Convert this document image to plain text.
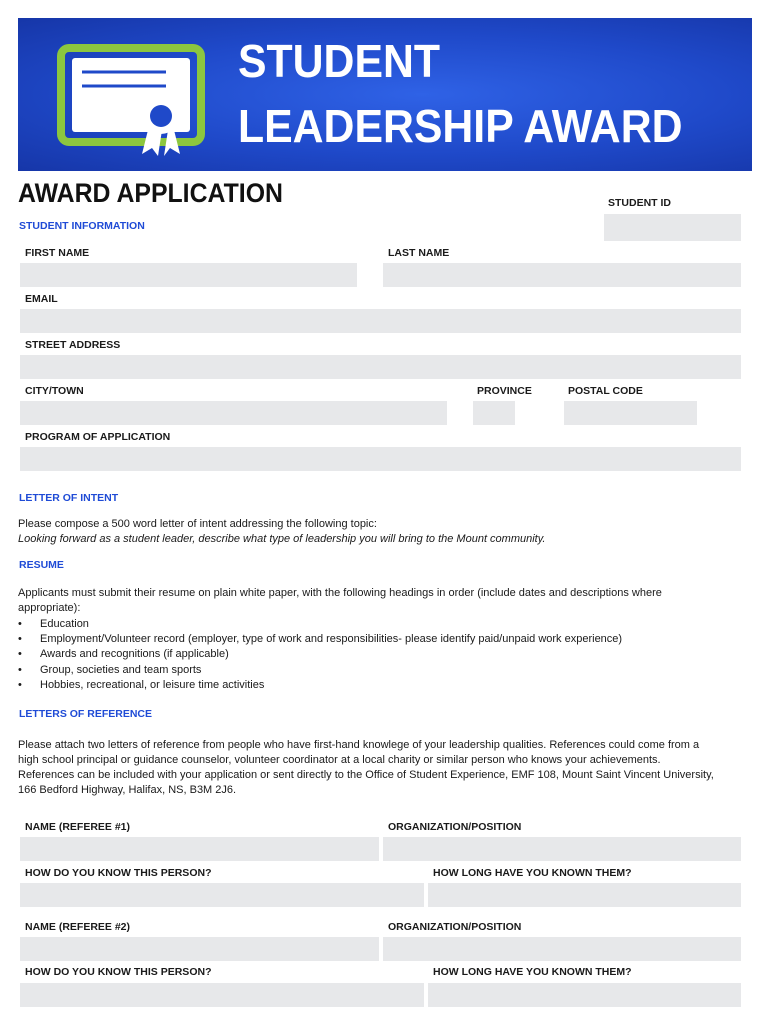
STUDENT
LEADERSHIP AWARD
AWARD APPLICATION	STUDENT ID
STUDENT INFORMATION
FIRST NAME	LAST NAME
EMAIL
STREET ADDRESS
CITY/TOWN	PROVINCE	POSTAL CODE
PROGRAM OF APPLICATION
LETTER OF INTENT
Please compose a 500 word letter of intent addressing the following topic:
Looking forward as a student leader, describe what type of leadership you will bring to the Mount community.
RESUME
Applicants must submit their resume on plain white paper, with the following headings in order (include dates and descriptions where appropriate):
• Education
• Employment/Volunteer record (employer, type of work and responsibilities- please identify paid/unpaid work experience)
• Awards and recognitions (if applicable)
• Group, societies and team sports
• Hobbies, recreational, or leisure time activities
LETTERS OF REFERENCE
Please attach two letters of reference from people who have first-hand knowlege of your leadership qualities. References could come from a high school principal or guidance counselor, volunteer coordinator at a local charity or similar person who knows your achievements. References can be included with your application or sent directly to the Office of Student Experience, EMF 108, Mount Saint Vincent University, 166 Bedford Highway, Halifax, NS, B3M 2J6.
NAME (REFEREE #1)	ORGANIZATION/POSITION
HOW DO YOU KNOW THIS PERSON?	HOW LONG HAVE YOU KNOWN THEM?
NAME (REFEREE #2)	ORGANIZATION/POSITION
HOW DO YOU KNOW THIS PERSON?	HOW LONG HAVE YOU KNOWN THEM?
